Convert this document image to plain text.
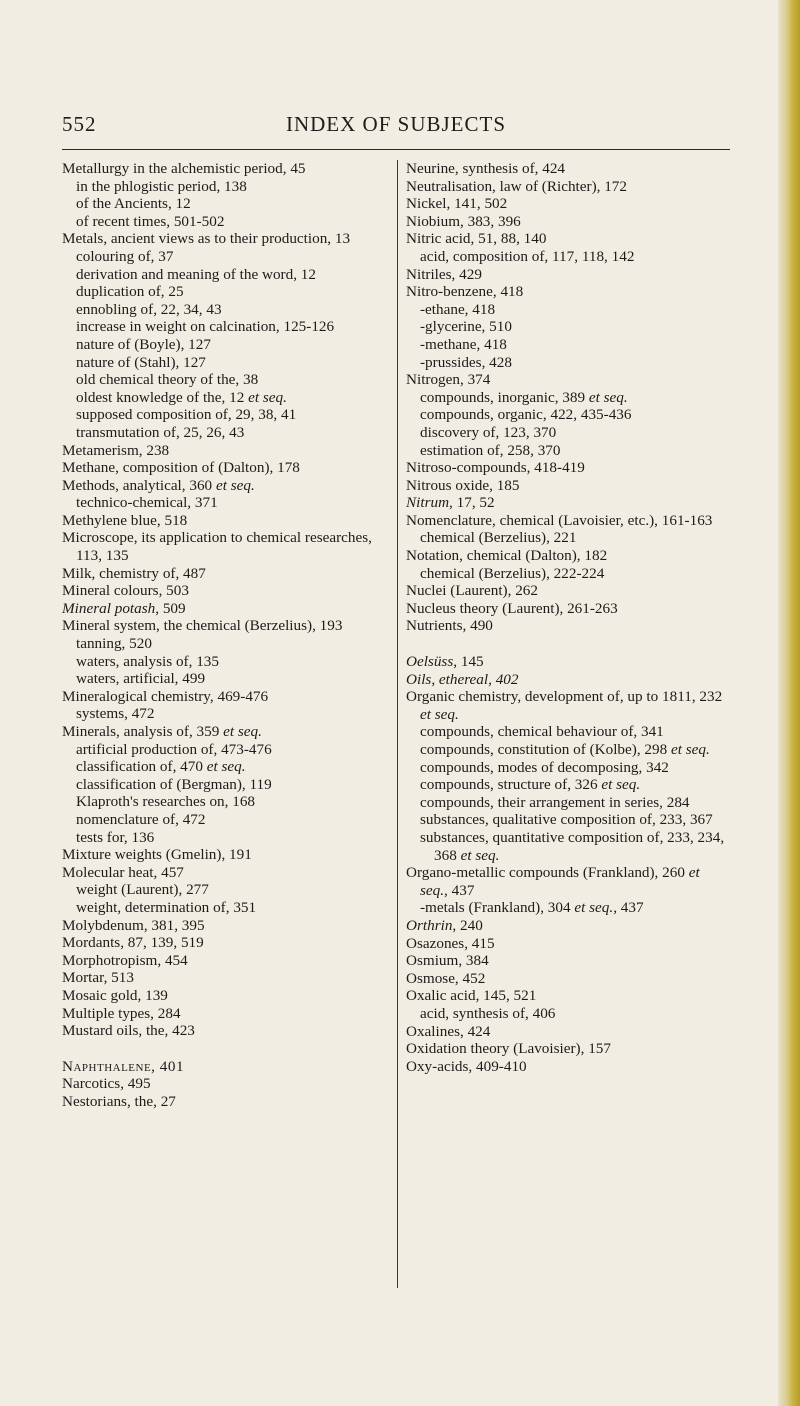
552	INDEX OF SUBJECTS
Metallurgy in the alchemistic period, 45
in the phlogistic period, 138
of the Ancients, 12
of recent times, 501-502
Metals, ancient views as to their production, 13
colouring of, 37
derivation and meaning of the word, 12
duplication of, 25
ennobling of, 22, 34, 43
increase in weight on calcination, 125-126
nature of (Boyle), 127
nature of (Stahl), 127
old chemical theory of the, 38
oldest knowledge of the, 12 et seq.
supposed composition of, 29, 38, 41
transmutation of, 25, 26, 43
Metamerism, 238
Methane, composition of (Dalton), 178
Methods, analytical, 360 et seq.
technico-chemical, 371
Methylene blue, 518
Microscope, its application to chemical researches, 113, 135
Milk, chemistry of, 487
Mineral colours, 503
Mineral potash, 509
Mineral system, the chemical (Berzelius), 193
tanning, 520
waters, analysis of, 135
waters, artificial, 499
Mineralogical chemistry, 469-476
systems, 472
Minerals, analysis of, 359 et seq.
artificial production of, 473-476
classification of, 470 et seq.
classification of (Bergman), 119
Klaproth's researches on, 168
nomenclature of, 472
tests for, 136
Mixture weights (Gmelin), 191
Molecular heat, 457
weight (Laurent), 277
weight, determination of, 351
Molybdenum, 381, 395
Mordants, 87, 139, 519
Morphotropism, 454
Mortar, 513
Mosaic gold, 139
Multiple types, 284
Mustard oils, the, 423
Naphthalene, 401
Narcotics, 495
Nestorians, the, 27
Neurine, synthesis of, 424
Neutralisation, law of (Richter), 172
Nickel, 141, 502
Niobium, 383, 396
Nitric acid, 51, 88, 140
acid, composition of, 117, 118, 142
Nitriles, 429
Nitro-benzene, 418
-ethane, 418
-glycerine, 510
-methane, 418
-prussides, 428
Nitrogen, 374
compounds, inorganic, 389 et seq.
compounds, organic, 422, 435-436
discovery of, 123, 370
estimation of, 258, 370
Nitroso-compounds, 418-419
Nitrous oxide, 185
Nitrum, 17, 52
Nomenclature, chemical (Lavoisier, etc.), 161-163
chemical (Berzelius), 221
Notation, chemical (Dalton), 182
chemical (Berzelius), 222-224
Nuclei (Laurent), 262
Nucleus theory (Laurent), 261-263
Nutrients, 490
Oelsüss, 145
Oils, ethereal, 402
Organic chemistry, development of, up to 1811, 232 et seq.
compounds, chemical behaviour of, 341
compounds, constitution of (Kolbe), 298 et seq.
compounds, modes of decomposing, 342
compounds, structure of, 326 et seq.
compounds, their arrangement in series, 284
substances, qualitative composition of, 233, 367
substances, quantitative composition of, 233, 234, 368 et seq.
Organo-metallic compounds (Frankland), 260 et seq., 437
-metals (Frankland), 304 et seq., 437
Orthrin, 240
Osazones, 415
Osmium, 384
Osmose, 452
Oxalic acid, 145, 521
acid, synthesis of, 406
Oxalines, 424
Oxidation theory (Lavoisier), 157
Oxy-acids, 409-410
